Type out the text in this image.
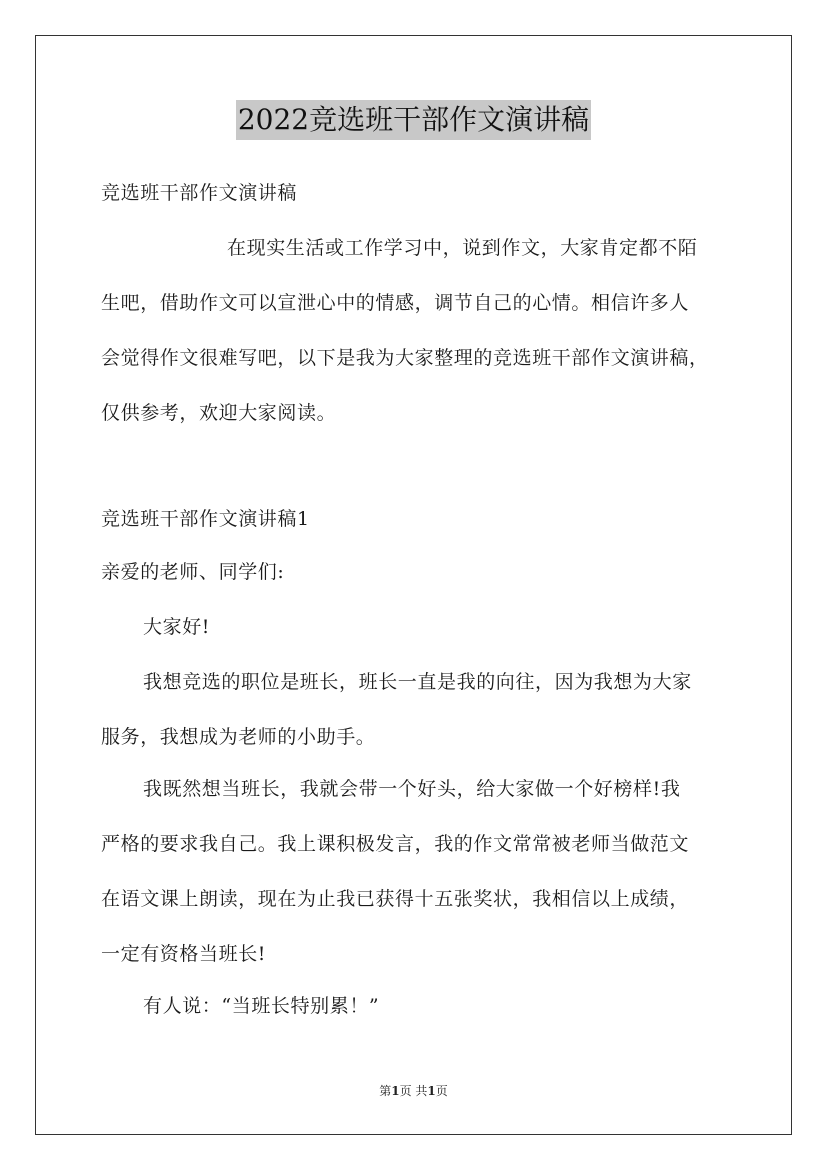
2022竞选班干部作文演讲稿
竞选班干部作文演讲稿
在现实生活或工作学习中，说到作文，大家肯定都不陌
生吧，借助作文可以宣泄心中的情感，调节自己的心情。相信许多人
会觉得作文很难写吧，以下是我为大家整理的竞选班干部作文演讲稿，
仅供参考，欢迎大家阅读。
竞选班干部作文演讲稿1
亲爱的老师、同学们:
大家好!
我想竞选的职位是班长，班长一直是我的向往，因为我想为大家
服务，我想成为老师的小助手。
我既然想当班长，我就会带一个好头，给大家做一个好榜样!我
严格的要求我自己。我上课积极发言，我的作文常常被老师当做范文
在语文课上朗读，现在为止我已获得十五张奖状，我相信以上成绩，
一定有资格当班长!
有人说：“当班长特别累！”
第1页 共1页
